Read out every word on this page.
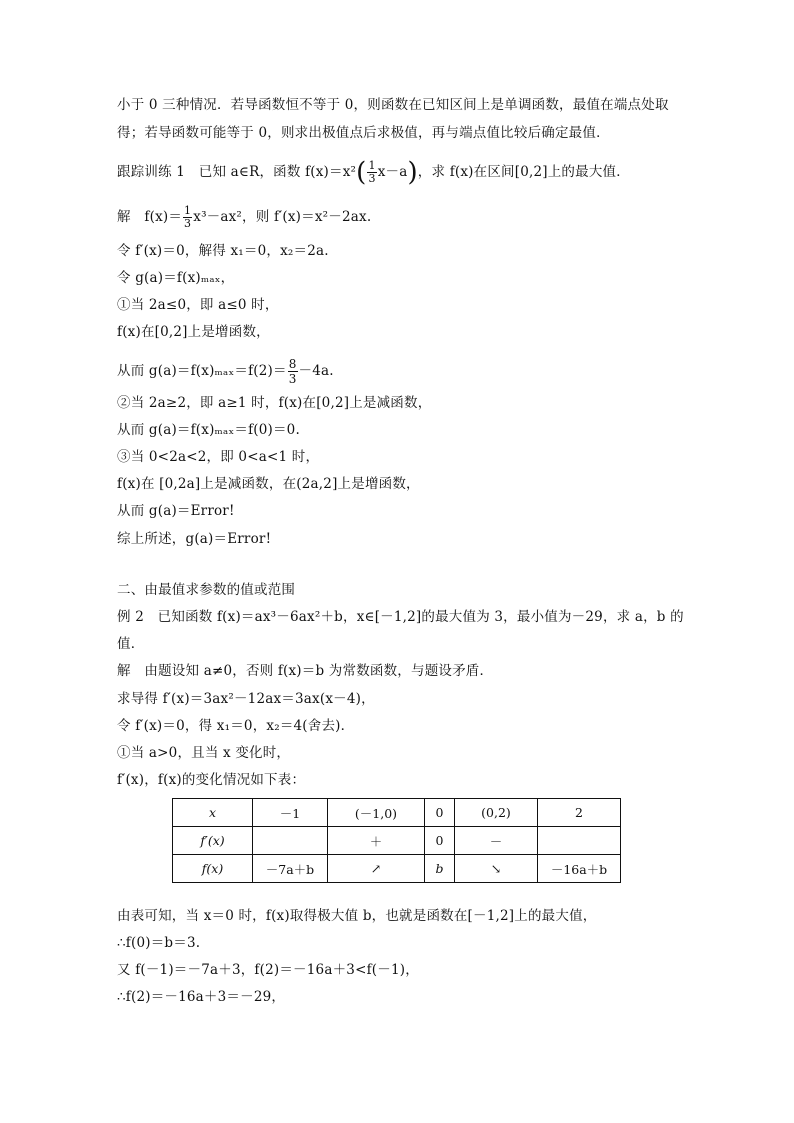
小于 0 三种情况．若导函数恒不等于 0，则函数在已知区间上是单调函数，最值在端点处取
得；若导函数可能等于 0，则求出极值点后求极值，再与端点值比较后确定最值．
跟踪训练 1　已知 a∈R，函数 $f(x)=x^2( \frac{1}{3} x-a)$，求 f(x)在区间[0,2]上的最大值．
解　$f(x)= \frac{1}{3} x^3-ax^2$，则 f′(x)＝x²－2ax.
令 f′(x)＝0，解得 x₁＝0，x₂＝2a.
令 g(a)＝f(x)ₘₐₓ，
①当 2a≤0，即 a≤0 时，
f(x)在[0,2]上是增函数，
从而 $g(a)=f(x)_{max}=f(2)= \frac{8}{3} -4a$.
②当 2a≥2，即 a≥1 时，f(x)在[0,2]上是减函数，
从而 g(a)＝f(x)ₘₐₓ＝f(0)＝0.
③当 0<2a<2，即 0<a<1 时，
f(x)在 [0,2a]上是减函数，在(2a,2]上是增函数，
从而 g(a)＝Error!
综上所述，g(a)＝Error!
二、由最值求参数的值或范围
例 2　已知函数 f(x)＝ax³－6ax²＋b，x∈[－1,2]的最大值为 3，最小值为－29，求 a，b 的
值．
解　由题设知 a≠0，否则 f(x)＝b 为常数函数，与题设矛盾．
求导得 f′(x)＝3ax²－12ax＝3ax(x－4)，
令 f′(x)＝0，得 x₁＝0，x₂＝4(舍去)．
①当 a>0，且当 x 变化时，
f′(x)，f(x)的变化情况如下表：
x	－1	(－1,0)	0	(0,2)	2
f′(x)		＋	0	－	
f(x)	－7a＋b	↗	b	↘	－16a＋b
由表可知，当 x＝0 时，f(x)取得极大值 b，也就是函数在[－1,2]上的最大值，
∴f(0)＝b＝3.
又 f(－1)＝－7a＋3，f(2)＝－16a＋3<f(－1)，
∴f(2)＝－16a＋3＝－29，
